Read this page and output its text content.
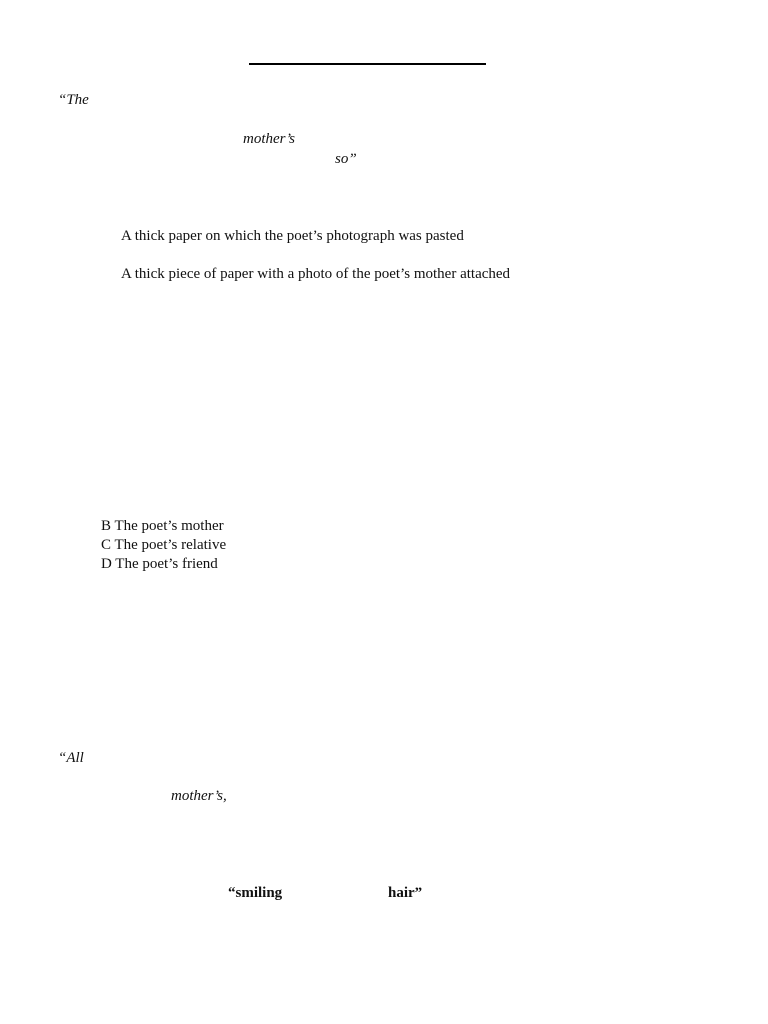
“The
mother’s
so”
A thick paper on which the poet’s photograph was pasted
A thick piece of paper with a photo of the poet’s mother attached
B The poet’s mother
C The poet’s relative
D The poet’s friend
“All
mother’s,
“smiling	hair”
